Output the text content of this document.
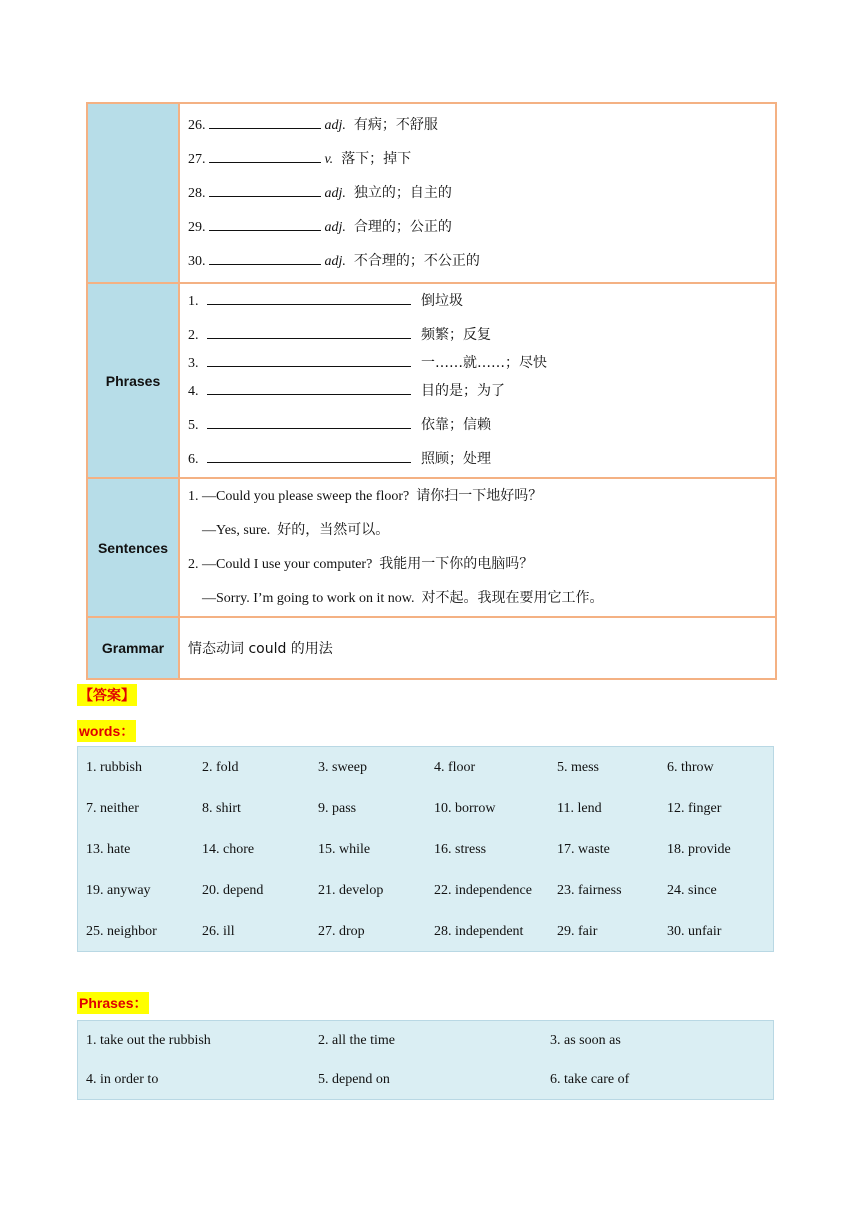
26.	adj. 有病；不舒服
27.	v. 落下；掉下
28.	adj. 独立的；自主的
29.	adj. 合理的；公正的
30.	adj. 不合理的；不公正的
Phrases
1.	倒垃圾
2.	频繁；反复
3.	一……就……；尽快
4.	目的是；为了
5.	依靠；信赖
6.	照顾；处理
Sentences
1. —Could you please sweep the floor?  请你扫一下地好吗？
—Yes, sure.  好的，当然可以。
2. —Could I use your computer?  我能用一下你的电脑吗？
—Sorry. I’m going to work on it now.  对不起。我现在要用它工作。
Grammar	情态动词 could 的用法
【答案】
words：
1. rubbish	2. fold	3. sweep	4. floor	5. mess	6. throw
7. neither	8. shirt	9. pass	10. borrow	11. lend	12. finger
13. hate	14. chore	15. while	16. stress	17. waste	18. provide
19. anyway	20. depend	21. develop	22. independence 23. fairness	24. since
25. neighbor	26. ill	27. drop	28. independent 29. fair	30. unfair
Phrases：
1. take out the rubbish	2. all the time	3. as soon as
4. in order to	5. depend on	6. take care of
